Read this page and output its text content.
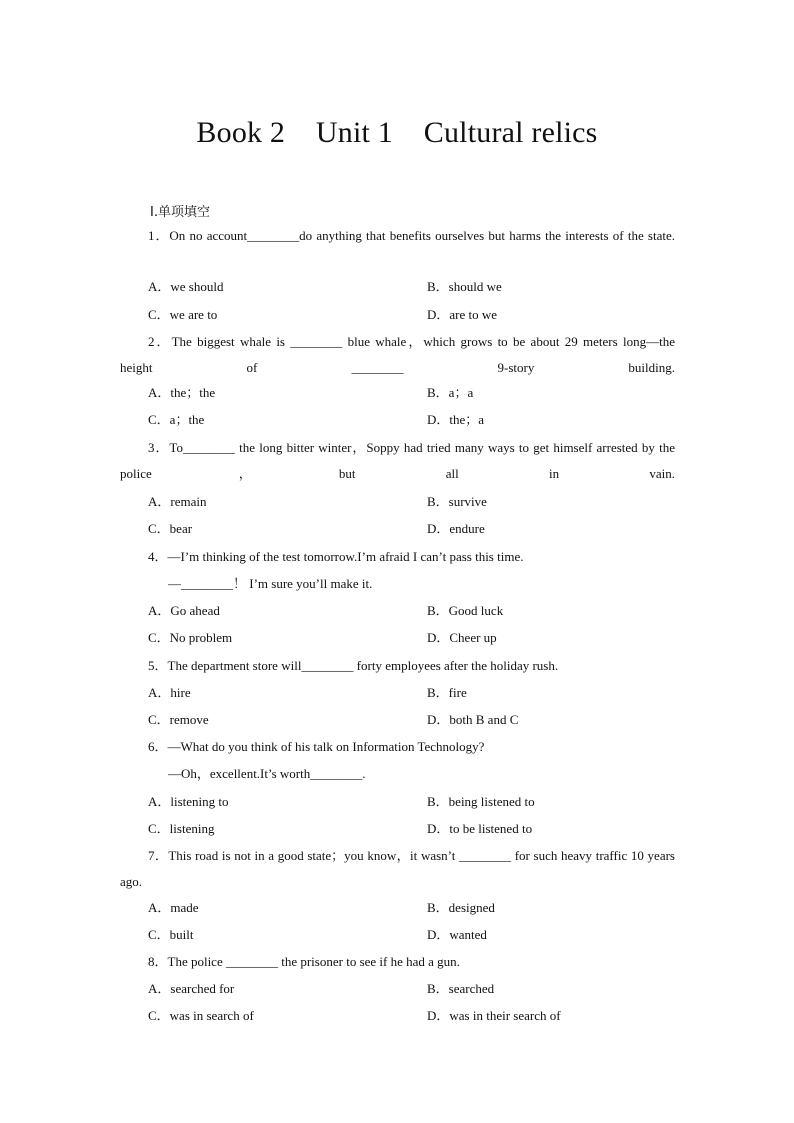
Book 2    Unit 1    Cultural relics
Ⅰ.单项填空
1．On no account________do anything that benefits ourselves but harms the interests of the state.
A．we should	B．should we
C．we are to	D．are to we
2．The biggest whale is ________ blue whale，which grows to be about 29 meters long—the height of ________ 9-story building.
A．the；the	B．a；a
C．a；the	D．the；a
3．To________ the long bitter winter，Soppy had tried many ways to get himself arrested by the police，but all in vain.
A．remain	B．survive
C．bear	D．endure
4．—I’m thinking of the test tomorrow.I’m afraid I can’t pass this time.
—________！ I’m sure you’ll make it.
A．Go ahead	B．Good luck
C．No problem	D．Cheer up
5．The department store will________ forty employees after the holiday rush.
A．hire	B．fire
C．remove	D．both B and C
6．—What do you think of his talk on Information Technology?
—Oh，excellent.It’s worth________.
A．listening to	B．being listened to
C．listening	D．to be listened to
7．This road is not in a good state；you know，it wasn’t ________ for such heavy traffic 10 years ago.
A．made	B．designed
C．built	D．wanted
8．The police ________ the prisoner to see if he had a gun.
A．searched for	B．searched
C．was in search of	D．was in their search of
